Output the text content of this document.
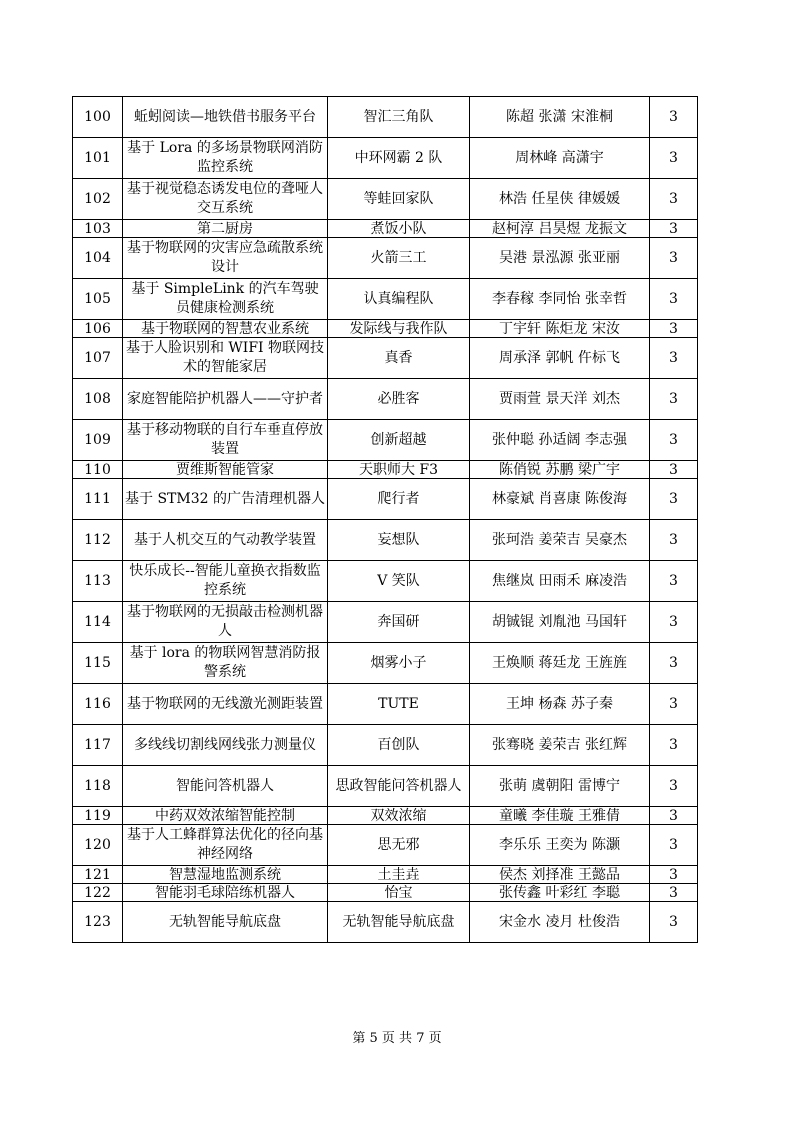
100	蚯蚓阅读—地铁借书服务平台	智汇三角队	陈超 张潇 宋淮桐	3
101	基于 Lora 的多场景物联网消防监控系统	中环网霸 2 队	周林峰 高潇宇	3
102	基于视觉稳态诱发电位的聋哑人交互系统	等蛙回家队	林浩 任星侠 律媛媛	3
103	第二厨房	煮饭小队	赵柯淳 吕昊煜 龙振文	3
104	基于物联网的灾害应急疏散系统设计	火箭三工	吴港 景泓源 张亚丽	3
105	基于 SimpleLink 的汽车驾驶员健康检测系统	认真编程队	李春稼 李同怡 张幸哲	3
106	基于物联网的智慧农业系统	发际线与我作队	丁宇轩 陈炬龙 宋汝	3
107	基于人脸识别和 WIFI 物联网技术的智能家居	真香	周承泽 郭帆 仵标飞	3
108	家庭智能陪护机器人——守护者	必胜客	贾雨萱 景天洋 刘杰	3
109	基于移动物联的自行车垂直停放装置	创新超越	张仲聪 孙适阔 李志强	3
110	贾维斯智能管家	天职师大 F3	陈俏锐 苏鹏 梁广宇	3
111	基于 STM32 的广告清理机器人	爬行者	林豪斌 肖喜康 陈俊海	3
112	基于人机交互的气动教学装置	妄想队	张珂浩 姜荣吉 吴豪杰	3
113	快乐成长--智能儿童换衣指数监控系统	V 笑队	焦继岚 田雨禾 麻凌浩	3
114	基于物联网的无损敲击检测机器人	奔国研	胡铖锟 刘胤池 马国轩	3
115	基于 lora 的物联网智慧消防报警系统	烟雾小子	王焕顺 蒋廷龙 王旌旌	3
116	基于物联网的无线激光测距装置	TUTE	王坤 杨森 苏子秦	3
117	多线线切割线网线张力测量仪	百创队	张骞晓 姜荣吉 张红辉	3
118	智能问答机器人	思政智能问答机器人	张萌 虞朝阳 雷博宁	3
119	中药双效浓缩智能控制	双效浓缩	童曦 李佳璇 王雅倩	3
120	基于人工蜂群算法优化的径向基神经网络	思无邪	李乐乐 王奕为 陈灏	3
121	智慧湿地监测系统	土圭垚	侯杰 刘择准 王懿品	3
122	智能羽毛球陪练机器人	怡宝	张传鑫 叶彩红 李聪	3
123	无轨智能导航底盘	无轨智能导航底盘	宋金水 凌月 杜俊浩	3
第 5 页 共 7 页
